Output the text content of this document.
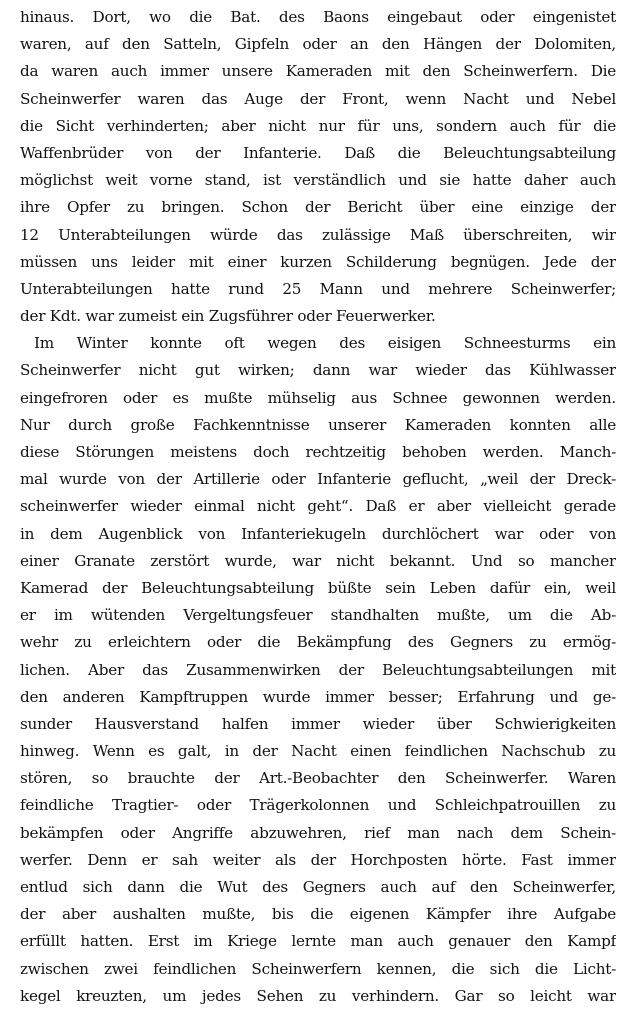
hinaus. Dort, wo die Bat. des Baons eingebaut oder eingenistet
waren, auf den Satteln, Gipfeln oder an den Hängen der Dolomiten,
da waren auch immer unsere Kameraden mit den Scheinwerfern. Die
Scheinwerfer waren das Auge der Front, wenn Nacht und Nebel
die Sicht verhinderten; aber nicht nur für uns, sondern auch für die
Waffenbrüder von der Infanterie. Daß die Beleuchtungsabteilung
möglichst weit vorne stand, ist verständlich und sie hatte daher auch
ihre Opfer zu bringen. Schon der Bericht über eine einzige der
12 Unterabteilungen würde das zulässige Maß überschreiten, wir
müssen uns leider mit einer kurzen Schilderung begnügen. Jede der
Unterabteilungen hatte rund 25 Mann und mehrere Scheinwerfer;
der Kdt. war zumeist ein Zugsführer oder Feuerwerker.
Im Winter konnte oft wegen des eisigen Schneesturms ein
Scheinwerfer nicht gut wirken; dann war wieder das Kühlwasser
eingefroren oder es mußte mühselig aus Schnee gewonnen werden.
Nur durch große Fachkenntnisse unserer Kameraden konnten alle
diese Störungen meistens doch rechtzeitig behoben werden. Manch-
mal wurde von der Artillerie oder Infanterie geflucht, „weil der Dreck-
scheinwerfer wieder einmal nicht geht“. Daß er aber vielleicht gerade
in dem Augenblick von Infanteriekugeln durchlöchert war oder von
einer Granate zerstört wurde, war nicht bekannt. Und so mancher
Kamerad der Beleuchtungsabteilung büßte sein Leben dafür ein, weil
er im wütenden Vergeltungsfeuer standhalten mußte, um die Ab-
wehr zu erleichtern oder die Bekämpfung des Gegners zu ermög-
lichen. Aber das Zusammenwirken der Beleuchtungsabteilungen mit
den anderen Kampftruppen wurde immer besser; Erfahrung und ge-
sunder Hausverstand halfen immer wieder über Schwierigkeiten
hinweg. Wenn es galt, in der Nacht einen feindlichen Nachschub zu
stören, so brauchte der Art.-Beobachter den Scheinwerfer. Waren
feindliche Tragtier- oder Trägerkolonnen und Schleichpatrouillen zu
bekämpfen oder Angriffe abzuwehren, rief man nach dem Schein-
werfer. Denn er sah weiter als der Horchposten hörte. Fast immer
entlud sich dann die Wut des Gegners auch auf den Scheinwerfer,
der aber aushalten mußte, bis die eigenen Kämpfer ihre Aufgabe
erfüllt hatten. Erst im Kriege lernte man auch genauer den Kampf
zwischen zwei feindlichen Scheinwerfern kennen, die sich die Licht-
kegel kreuzten, um jedes Sehen zu verhindern. Gar so leicht war
